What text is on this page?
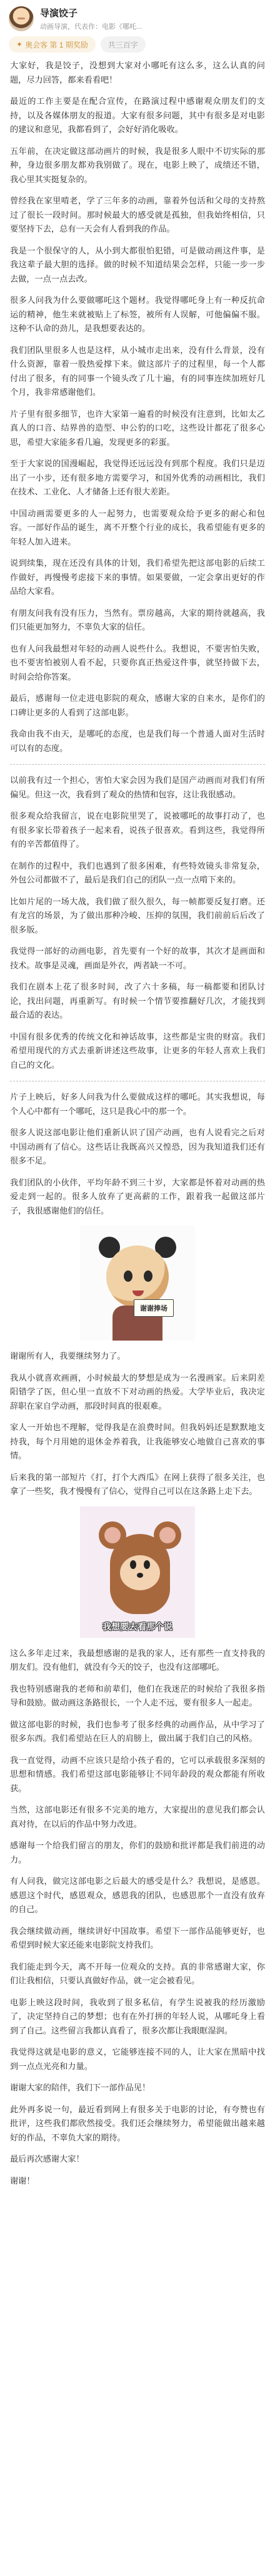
导演饺子
动画导演，代表作：电影《哪吒...
✦ 奥会客 第 1 期奖励	共三百字

大家好，我是饺子，没想到大家对小哪吒有这么多，这么认真的问题，尽力回答，都来看看吧！

最近的工作主要是在配合宣传，在路演过程中感谢观众朋友们的支持，以及各媒体朋友的报道。大家有很多问题，其中有很多是对电影的建议和意见，我都看到了，会好好消化吸收。

五年前，在决定做这部动画片的时候，我是很多人眼中不切实际的那种，身边很多朋友都劝我别做了。现在，电影上映了，成绩还不错，我心里其实挺复杂的。

曾经我在家里啃老，学了三年多的动画，靠着外包活和父母的支持熬过了很长一段时间。那时候最大的感受就是孤独，但我始终相信，只要坚持下去，总有一天会有人看到我的作品。

我是一个很保守的人，从小到大都很怕犯错，可是做动画这件事，是我这辈子最大胆的选择。做的时候不知道结果会怎样，只能一步一步去做，一点一点去改。

很多人问我为什么要做哪吒这个题材。我觉得哪吒身上有一种反抗命运的精神，他生来就被贴上了标签，被所有人误解，可他偏偏不服。这种不认命的劲儿，是我想要表达的。

我们团队里很多人也是这样，从小城市走出来，没有什么背景，没有什么资源，靠着一股热爱撑下来。做这部片子的过程里，每一个人都付出了很多，有的同事一个镜头改了几十遍，有的同事连续加班好几个月，我非常感谢他们。

片子里有很多细节，也许大家第一遍看的时候没有注意到，比如太乙真人的口音、结界兽的造型、申公豹的口吃，这些设计都花了很多心思，希望大家能多看几遍，发现更多的彩蛋。

至于大家说的国漫崛起，我觉得还远远没有到那个程度。我们只是迈出了一小步，还有很多地方需要学习，和国外优秀的动画相比，我们在技术、工业化、人才储备上还有很大差距。

中国动画需要更多的人一起努力，也需要观众给予更多的耐心和包容。一部好作品的诞生，离不开整个行业的成长，我希望能有更多的年轻人加入进来。

说到续集，现在还没有具体的计划，我们希望先把这部电影的后续工作做好，再慢慢考虑接下来的事情。如果要做，一定会拿出更好的作品给大家看。

有朋友问我有没有压力，当然有。票房越高，大家的期待就越高，我们只能更加努力，不辜负大家的信任。

也有人问我最想对年轻的动画人说些什么。我想说，不要害怕失败，也不要害怕被别人看不起，只要你真正热爱这件事，就坚持做下去，时间会给你答案。

最后，感谢每一位走进电影院的观众，感谢大家的自来水，是你们的口碑让更多的人看到了这部电影。

我命由我不由天，是哪吒的态度，也是我们每一个普通人面对生活时可以有的态度。

以前我有过一个担心，害怕大家会因为我们是国产动画而对我们有所偏见。但这一次，我看到了观众的热情和包容，这让我很感动。

很多观众给我留言，说在电影院里哭了，说被哪吒的故事打动了，也有很多家长带着孩子一起来看，说孩子很喜欢。看到这些，我觉得所有的辛苦都值得了。

在制作的过程中，我们也遇到了很多困难，有些特效镜头非常复杂，外包公司都做不了，最后是我们自己的团队一点一点啃下来的。

比如片尾的一场大战，我们做了很久很久，每一帧都要反复打磨。还有龙宫的场景，为了做出那种冷峻、压抑的氛围，我们前前后后改了很多版。

我觉得一部好的动画电影，首先要有一个好的故事，其次才是画面和技术。故事是灵魂，画面是外衣，两者缺一不可。

我们在剧本上花了很多时间，改了六十多稿，每一稿都要和团队讨论，找出问题，再重新写。有时候一个情节要推翻好几次，才能找到最合适的表达。

中国有很多优秀的传统文化和神话故事，这些都是宝贵的财富。我们希望用现代的方式去重新讲述这些故事，让更多的年轻人喜欢上我们自己的文化。

片子上映后，好多人问我为什么要做成这样的哪吒。其实我想说，每个人心中都有一个哪吒，这只是我心中的那一个。

很多人说这部电影让他们重新认识了国产动画，也有人说看完之后对中国动画有了信心。这些话让我既高兴又惶恐，因为我知道我们还有很多不足。

我们团队的小伙伴，平均年龄不到三十岁，大家都是怀着对动画的热爱走到一起的。很多人放弃了更高薪的工作，跟着我一起做这部片子，我很感谢他们的信任。

谢谢捧场

谢谢所有人，我要继续努力了。

我从小就喜欢画画，小时候最大的梦想是成为一名漫画家。后来阴差阳错学了医，但心里一直放不下对动画的热爱。大学毕业后，我决定辞职在家自学动画，那段时间真的很艰难。

家人一开始也不理解，觉得我是在浪费时间。但我妈妈还是默默地支持我，每个月用她的退休金养着我，让我能够安心地做自己喜欢的事情。

后来我的第一部短片《打，打个大西瓜》在网上获得了很多关注，也拿了一些奖，我才慢慢有了信心，觉得自己可以在这条路上走下去。

我想要去看那个说

这么多年走过来，我最想感谢的是我的家人，还有那些一直支持我的朋友们。没有他们，就没有今天的饺子，也没有这部哪吒。

我也特别感谢我的老师和前辈们，他们在我迷茫的时候给了我很多指导和鼓励。做动画这条路很长，一个人走不远，要有很多人一起走。

做这部电影的时候，我们也参考了很多经典的动画作品，从中学习了很多东西。我们希望站在巨人的肩膀上，做出属于我们自己的风格。

我一直觉得，动画不应该只是给小孩子看的，它可以承载很多深刻的思想和情感。我们希望这部电影能够让不同年龄段的观众都能有所收获。

当然，这部电影还有很多不完美的地方，大家提出的意见我们都会认真对待，在以后的作品中努力改进。

感谢每一个给我们留言的朋友，你们的鼓励和批评都是我们前进的动力。

有人问我，做完这部电影之后最大的感受是什么？我想说，是感恩。感恩这个时代，感恩观众，感恩我的团队，也感恩那个一直没有放弃的自己。

我会继续做动画，继续讲好中国故事。希望下一部作品能够更好，也希望到时候大家还能来电影院支持我们。

我们能走到今天，离不开每一位观众的支持。真的非常感谢大家，你们让我相信，只要认真做好作品，就一定会被看见。

电影上映这段时间，我收到了很多私信，有学生说被我的经历激励了，决定坚持自己的梦想；也有在外打拼的年轻人说，从哪吒身上看到了自己。这些留言我都认真看了，很多次都让我眼眶湿润。

我觉得这就是电影的意义，它能够连接不同的人，让大家在黑暗中找到一点点光亮和力量。

谢谢大家的陪伴，我们下一部作品见！

此外再多说一句，最近看到网上有很多关于电影的讨论，有夸赞也有批评，这些我们都欣然接受。我们还会继续努力，希望能做出越来越好的作品，不辜负大家的期待。

最后再次感谢大家！

谢谢！
